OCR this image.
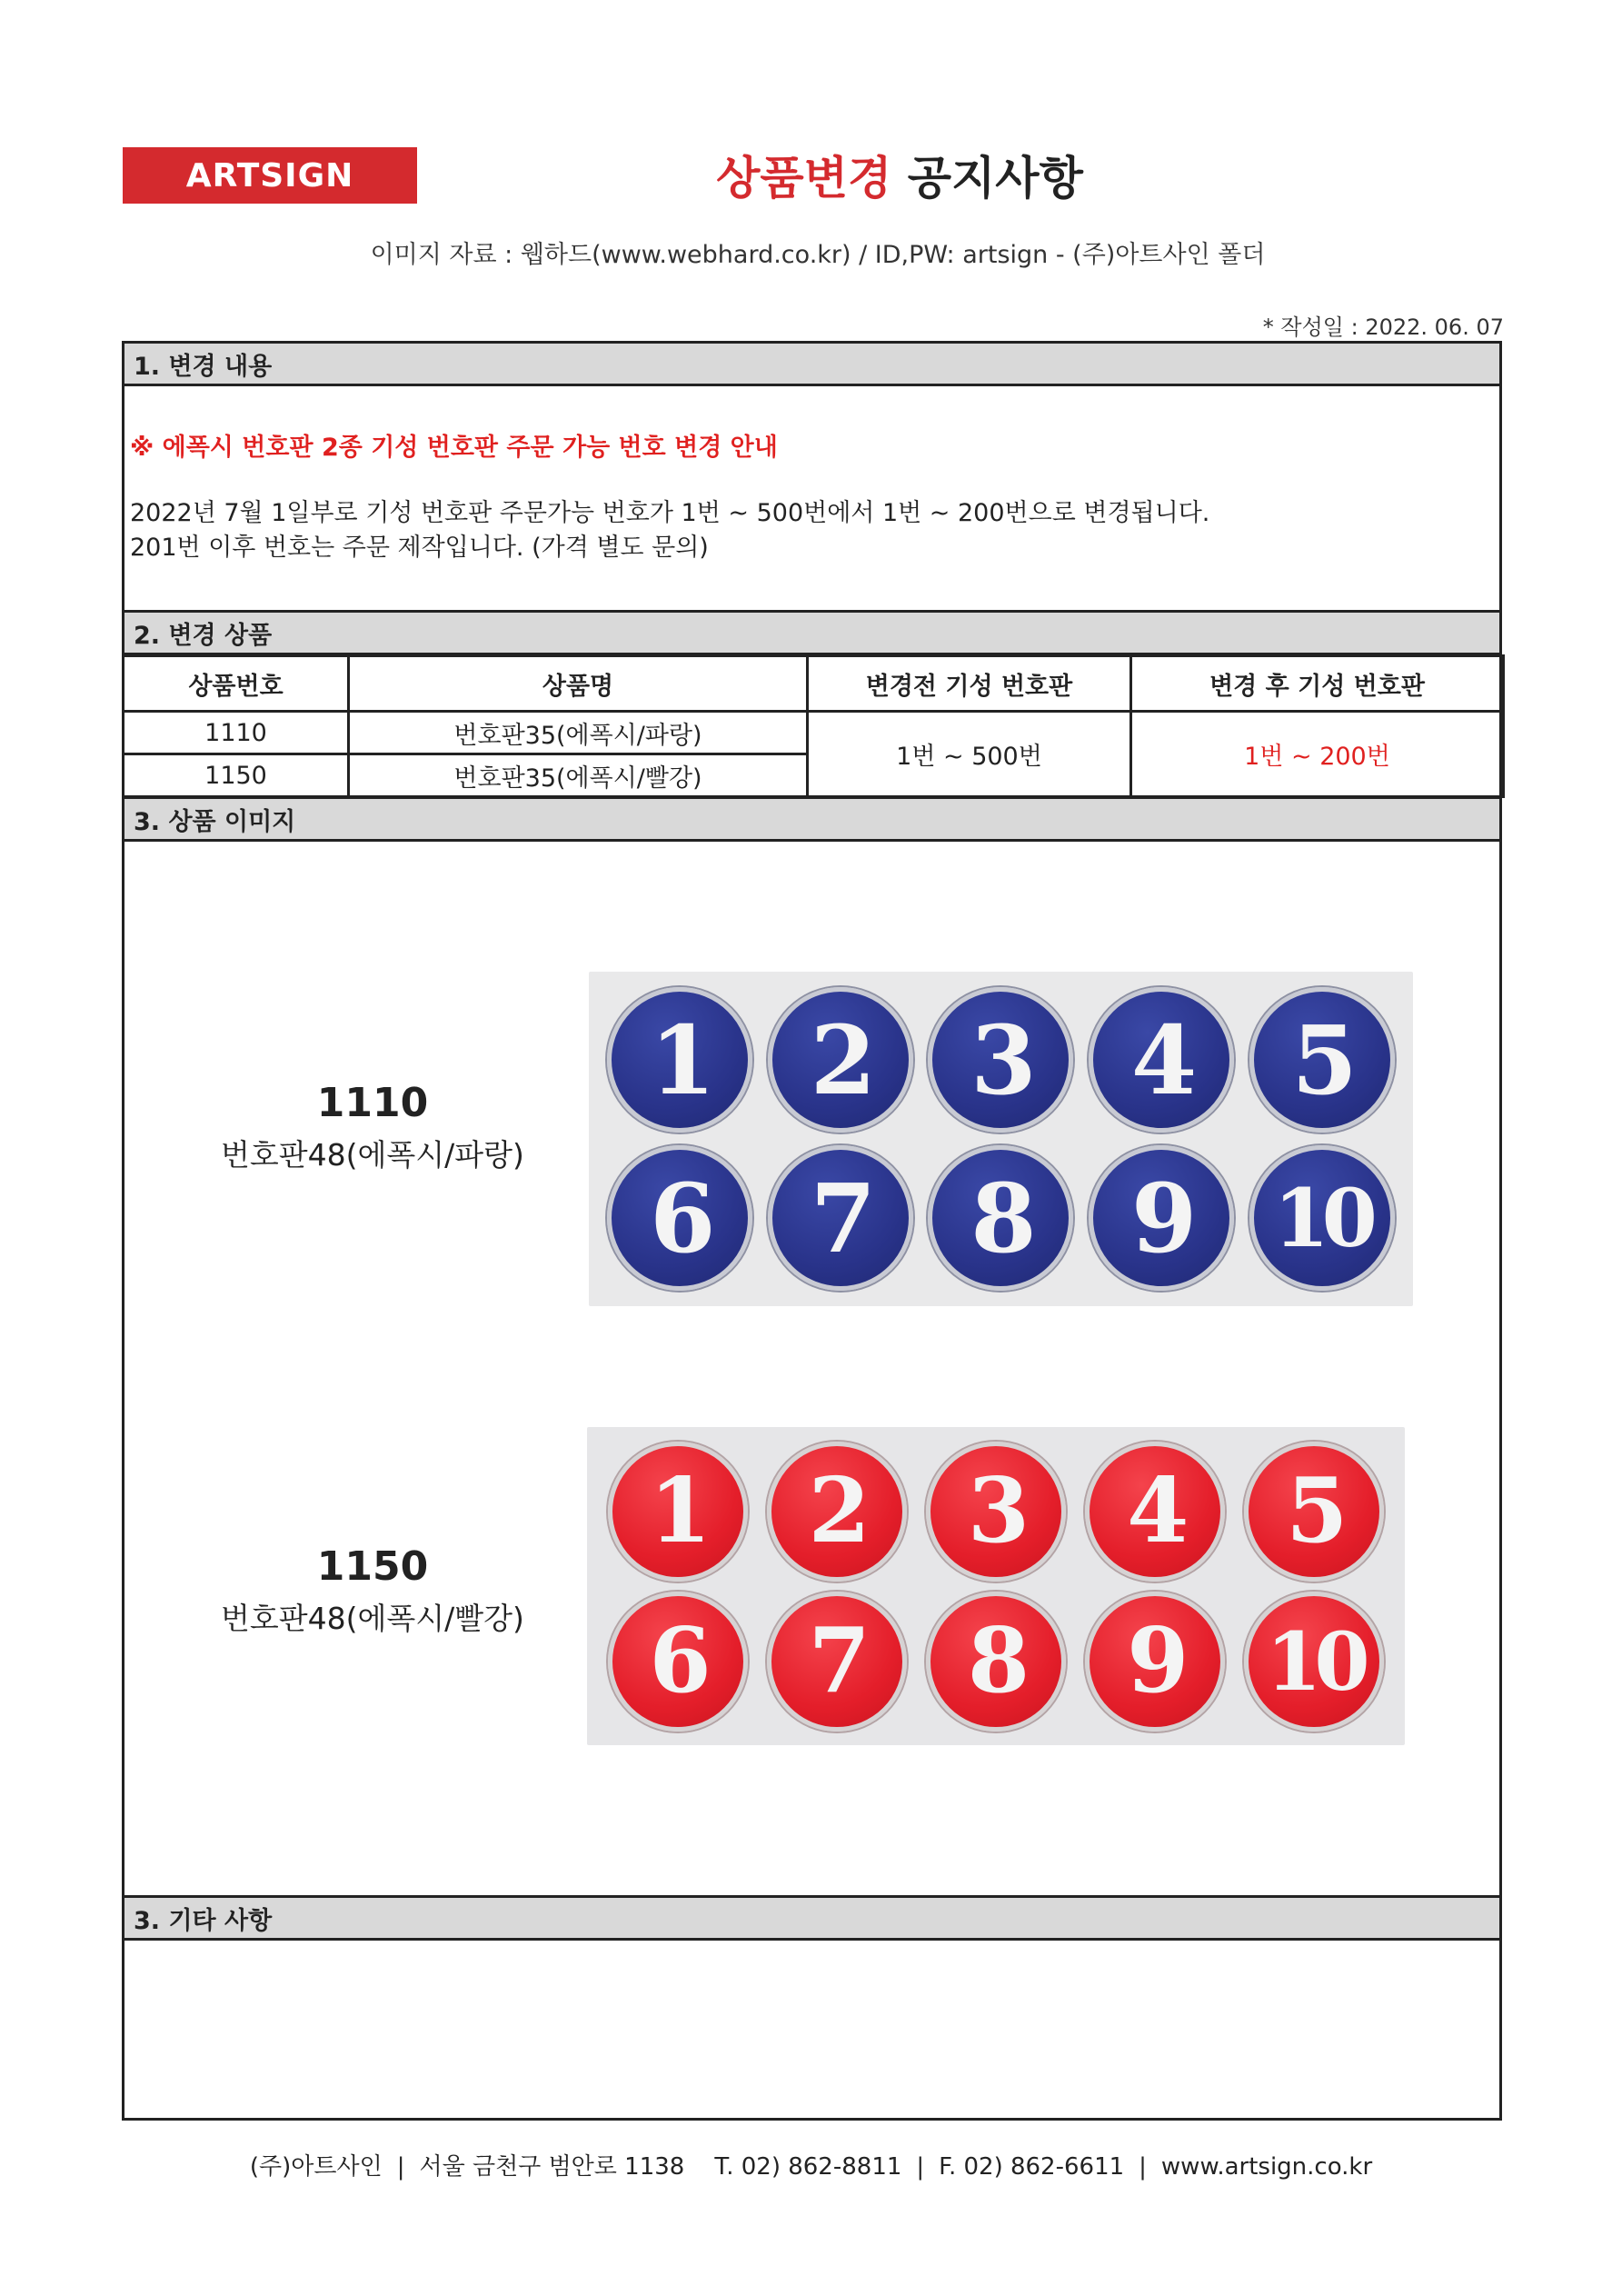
ARTSIGN	상품변경 공지사항
이미지 자료 : 웹하드(www.webhard.co.kr) / ID,PW: artsign - (주)아트사인 폴더
* 작성일 : 2022. 06. 07
1. 변경 내용
※ 에폭시 번호판 2종 기성 번호판 주문 가능 번호 변경 안내
2022년 7월 1일부로 기성 번호판 주문가능 번호가 1번 ~ 500번에서 1번 ~ 200번으로 변경됩니다.
201번 이후 번호는 주문 제작입니다. (가격 별도 문의)
2. 변경 상품
상품번호	상품명	변경전 기성 번호판	변경 후 기성 번호판
1110	번호판35(에폭시/파랑)	1번 ~ 500번	1번 ~ 200번
1150	번호판35(에폭시/빨강)		
3. 상품 이미지
1110
번호판48(에폭시/파랑)
1	2	3	4	5
6	7	8	9	10
1150
번호판48(에폭시/빨강)
1	2	3	4	5
6	7	8	9	10
3. 기타 사항
(주)아트사인 | 서울 금천구 범안로 1138 T. 02) 862-8811 | F. 02) 862-6611 | www.artsign.co.kr
